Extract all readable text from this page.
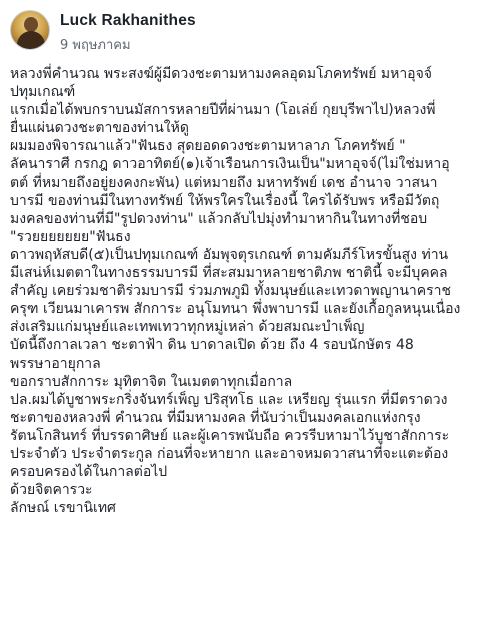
Luck Rakhanithes
9 พฤษภาคม
หลวงพี่คำนวณ พระสงฆ์ผู้มีดวงชะตามหามงคลอุดมโภคทรัพย์ มหาอุจจ์
ปทุมเกณฑ์
แรกเมื่อได้พบกราบนมัสการหลายปีที่ผ่านมา (โอเล่ย์ กุยบุรีพาไป)หลวงพี่
ยื่นแผ่นดวงชะตาของท่านให้ดู
ผมมองพิจารณาแล้ว"ฟันธง สุดยอดดวงชะตามหาลาภ โภคทรัพย์ "
ลัคนาราศี กรกฎ ดาวอาทิตย์(๑)เจ้าเรือนการเงินเป็น"มหาอุจจ์(ไม่ใช่มหาอุ
ตต์ ที่หมายถึงอยู่ยงคงกะพัน) แต่หมายถึง มหาทรัพย์ เดช อำนาจ วาสนา
บารมี ของท่านมีในทางทรัพย์ ให้พรใครในเรื่องนี้ ใครได้รับพร หรือมีวัตถุ
มงคลของท่านที่มี"รูปดวงท่าน" แล้วกลับไปมุ่งทำมาหากินในทางที่ชอบ
"รวยยยยยยย"ฟันธง
ดาวพฤหัสบดี(๕)เป็นปทุมเกณฑ์ อัมพุจตุรเกณฑ์ ตามคัมภีร์โหรขั้นสูง ท่าน
มีเสน่ห์เมตตาในทางธรรมบารมี ที่สะสมมาหลายชาติภพ ชาตินี้ จะมีบุคคล
สำคัญ เคยร่วมชาติร่วมบารมี ร่วมภพภูมิ ทั้งมนุษย์และเทวดาพญานาคราช
ครุฑ เวียนมาเคารพ สักการะ อนุโมทนา พึ่งพาบารมี และยังเกื้อกูลหนุนเนื่อง
ส่งเสริมแก่มนุษย์และเทพเทวาทุกหมู่เหล่า ด้วยสมณะบำเพ็ญ
บัดนี้ถึงกาลเวลา ชะตาฟ้า ดิน บาดาลเปิด ด้วย ถึง 4 รอบนักษัตร 48
พรรษาอายุกาล
ขอกราบสักการะ มุทิตาจิต ในเมตตาทุกเมื่อกาล
ปล.ผมได้บูชาพระกริ่งจันทร์เพ็ญ ปริสุทโธ และ เหรียญ รุ่นแรก ที่มีตราดวง
ชะตาของหลวงพี่ คำนวณ ที่มีมหามงคล ที่นับว่าเป็นมงคลเอกแห่งกรุง
รัตนโกสินทร์ ที่บรรดาศิษย์ และผู้เคารพนับถือ ควรรีบหามาไว้บูชาสักการะ
ประจำตัว ประจำตระกูล ก่อนที่จะหายาก และอาจหมดวาสนาที่จะแตะต้อง
ครอบครองได้ในกาลต่อไป
ด้วยจิตคารวะ
ลักษณ์ เรขานิเทศ
